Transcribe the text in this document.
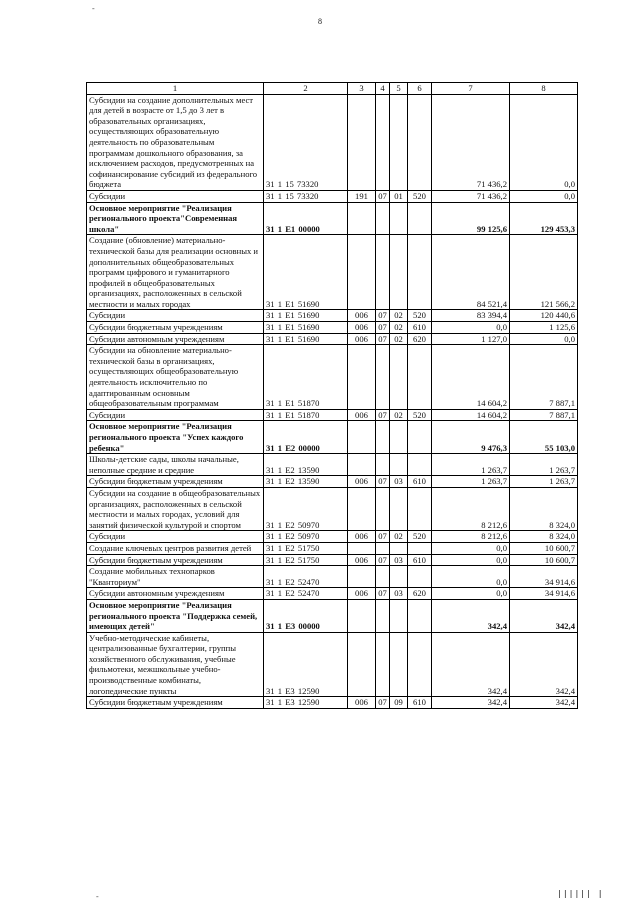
-
8
1	2	3	4	5	6	7	8
Субсидии на создание дополнительных мест для детей в возрасте от 1,5 до 3 лет в образовательных организациях, осуществляющих образовательную деятельность по образовательным программам дошкольного образования, за исключением расходов, предусмотренных на софинансирование субсидий из федерального бюджета	31 1 15 73320					71 436,2	0,0
Субсидии	31 1 15 73320	191	07	01	520	71 436,2	0,0
Основное мероприятие "Реализация регионального проекта"Современная школа"	31 1 E1 00000					99 125,6	129 453,3
Создание (обновление) материально-технической базы для реализации основных и дополнительных общеобразовательных программ цифрового и гуманитарного профилей в общеобразовательных организациях, расположенных в сельской местности и малых городах	31 1 E1 51690					84 521,4	121 566,2
Субсидии	31 1 E1 51690	006	07	02	520	83 394,4	120 440,6
Субсидии бюджетным учреждениям	31 1 E1 51690	006	07	02	610	0,0	1 125,6
Субсидии автономным учреждениям	31 1 E1 51690	006	07	02	620	1 127,0	0,0
Субсидии на обновление материально-технической базы в организациях, осуществляющих общеобразовательную деятельность исключительно по адаптированным основным общеобразовательным программам	31 1 E1 51870					14 604,2	7 887,1
Субсидии	31 1 E1 51870	006	07	02	520	14 604,2	7 887,1
Основное мероприятие "Реализация регионального проекта "Успех каждого ребенка"	31 1 E2 00000					9 476,3	55 103,0
Школы-детские сады, школы начальные, неполные средние и средние	31 1 E2 13590					1 263,7	1 263,7
Субсидии бюджетным учреждениям	31 1 E2 13590	006	07	03	610	1 263,7	1 263,7
Субсидии на создание в общеобразовательных организациях, расположенных в сельской местности и малых городах, условий для занятий физической культурой и спортом	31 1 E2 50970					8 212,6	8 324,0
Субсидии	31 1 E2 50970	006	07	02	520	8 212,6	8 324,0
Создание ключевых центров развития детей	31 1 E2 51750					0,0	10 600,7
Субсидии бюджетным учреждениям	31 1 E2 51750	006	07	03	610	0,0	10 600,7
Создание мобильных технопарков "Кванториум"	31 1 E2 52470					0,0	34 914,6
Субсидии автономным учреждениям	31 1 E2 52470	006	07	03	620	0,0	34 914,6
Основное мероприятие "Реализация регионального проекта "Поддержка семей, имеющих детей"	31 1 E3 00000					342,4	342,4
Учебно-методические кабинеты, централизованные бухгалтерии, группы хозяйственного обслуживания, учебные фильмотеки, межшкольные учебно-производственные комбинаты, логопедические пункты	31 1 E3 12590					342,4	342,4
Субсидии бюджетным учреждениям	31 1 E3 12590	006	07	09	610	342,4	342,4
-	|||||| |
